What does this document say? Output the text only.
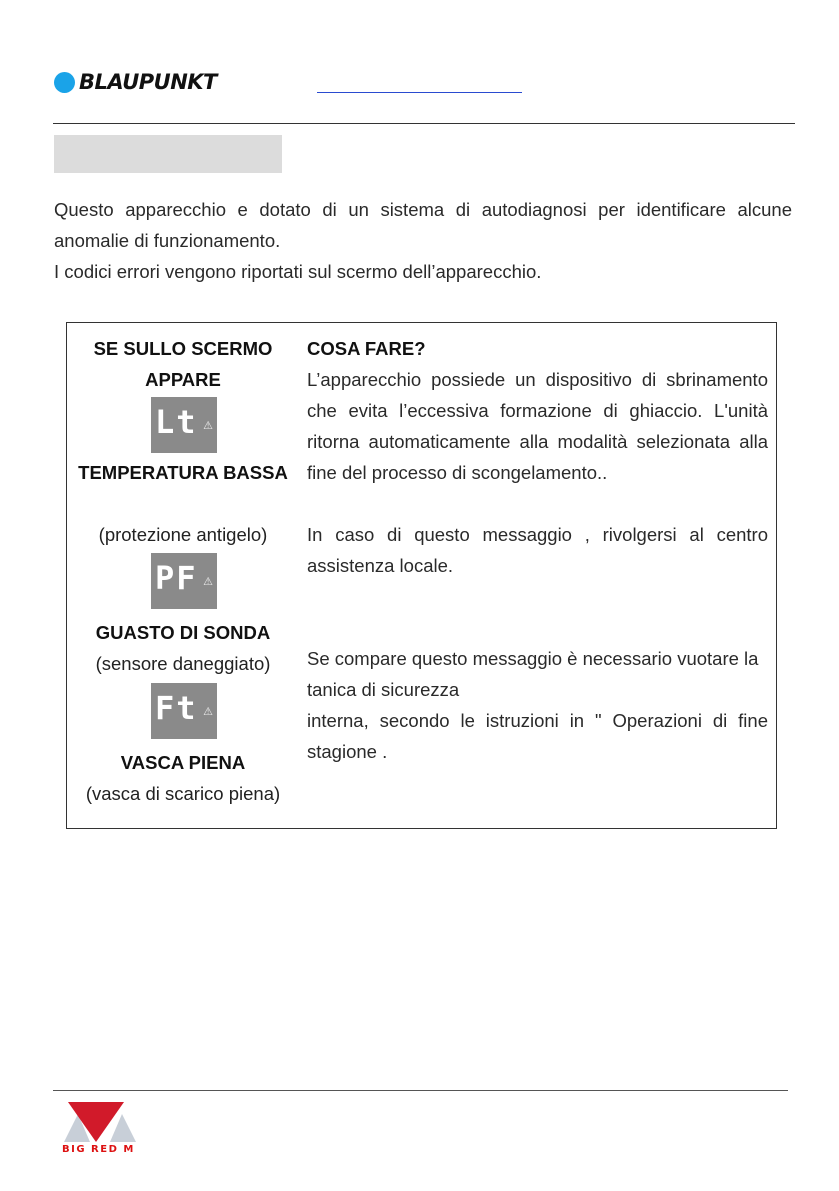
BLAUPUNKT

Questo apparecchio e dotato di un sistema di autodiagnosi per identificare alcune anomalie di funzionamento.

I codici errori vengono riportati sul scermo dell’apparecchio.

SE SULLO SCERMO APPARE
Lt ⚠
TEMPERATURA BASSA
(protezione antigelo)
PF ⚠
GUASTO DI SONDA
(sensore daneggiato)
Ft ⚠
VASCA PIENA
(vasca di scarico piena)
COSA FARE?

L’apparecchio possiede un dispositivo di sbrinamento che evita l’eccessiva formazione di ghiaccio. L'unità ritorna automaticamente alla modalità selezionata alla fine del processo di scongelamento..

In caso di questo messaggio , rivolgersi al centro assistenza locale.

Se compare questo messaggio è necessario vuotare la tanica di sicurezza

interna, secondo le istruzioni in " Operazioni di fine stagione .

BIG RED M
